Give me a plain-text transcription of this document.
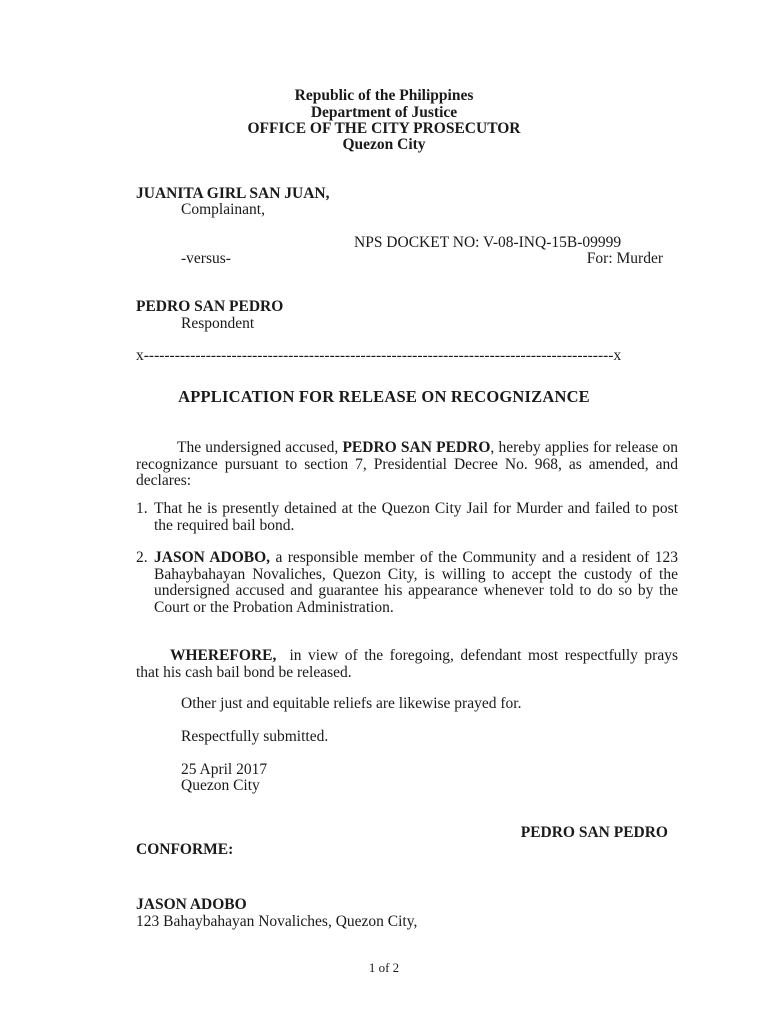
Republic of the Philippines
Department of Justice
OFFICE OF THE CITY PROSECUTOR
Quezon City
JUANITA GIRL SAN JUAN,
Complainant,
NPS DOCKET NO: V-08-INQ-15B-09999
-versus-	For: Murder
PEDRO SAN PEDRO
Respondent
x-------------------------------------------------------------------------------------------x
APPLICATION FOR RELEASE ON RECOGNIZANCE
The undersigned accused, PEDRO SAN PEDRO, hereby applies for release on recognizance pursuant to section 7, Presidential Decree No. 968, as amended, and declares:
1. That he is presently detained at the Quezon City Jail for Murder and failed to post the required bail bond.
2. JASON ADOBO, a responsible member of the Community and a resident of 123 Bahaybahayan Novaliches, Quezon City, is willing to accept the custody of the undersigned accused and guarantee his appearance whenever told to do so by the Court or the Probation Administration.
WHEREFORE,  in view of the foregoing, defendant most respectfully prays that his cash bail bond be released.
Other just and equitable reliefs are likewise prayed for.
Respectfully submitted.
25 April 2017
Quezon City
PEDRO SAN PEDRO
CONFORME:
JASON ADOBO
123 Bahaybahayan Novaliches, Quezon City,
1 of 2
